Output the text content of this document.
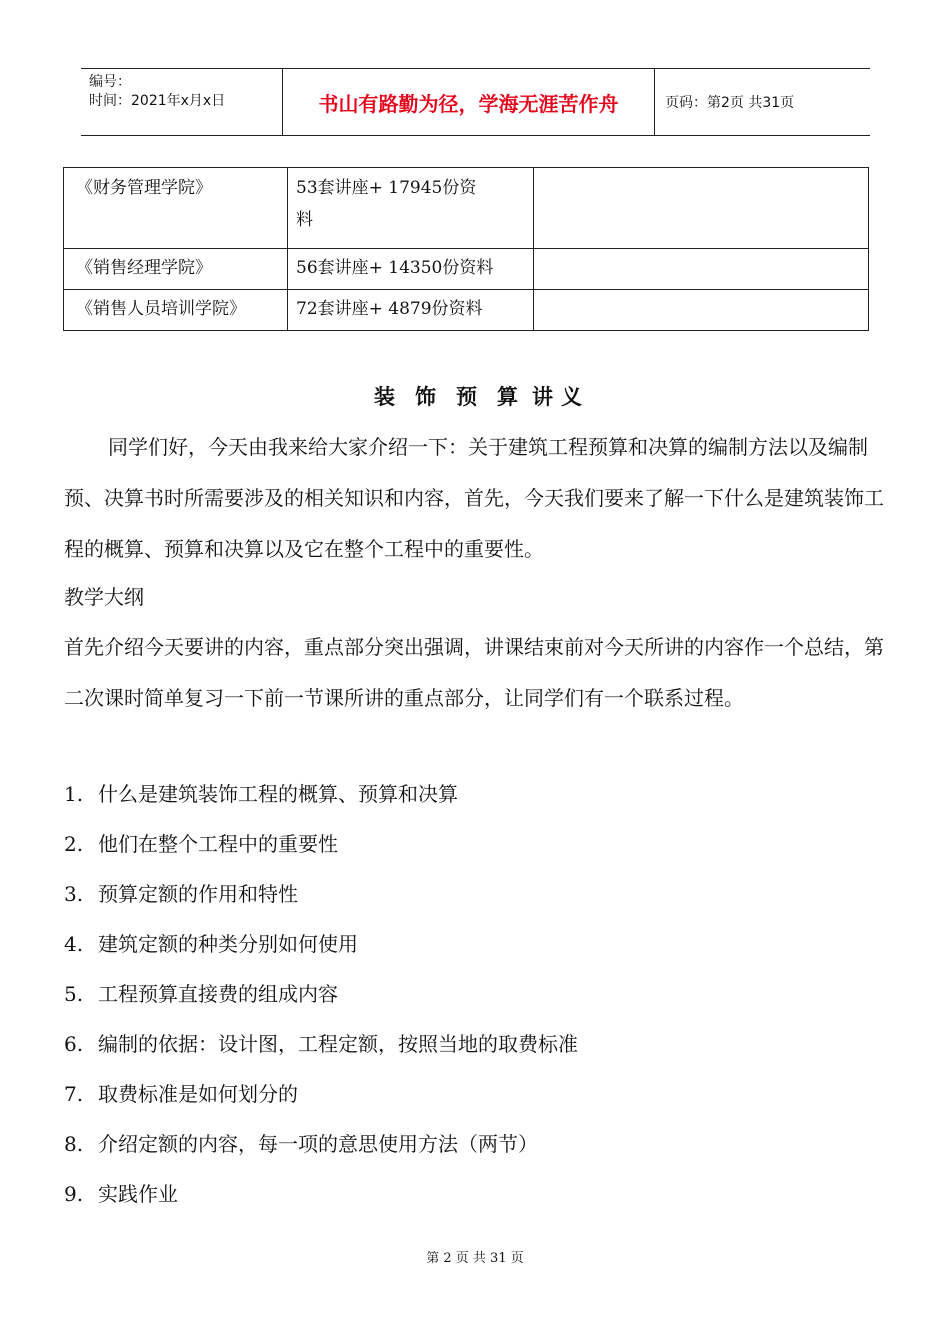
编号：
时间：2021年x月x日	书山有路勤为径，学海无涯苦作舟	页码：第2页 共31页
《财务管理学院》	53套讲座+ 17945份资
料	

《销售经理学院》	56套讲座+ 14350份资料	
《销售人员培训学院》	72套讲座+ 4879份资料	
装 饰 预 算 讲 义
同学们好，今天由我来给大家介绍一下：关于建筑工程预算和决算的编制方法以及编制预、决算书时所需要涉及的相关知识和内容，首先，今天我们要来了解一下什么是建筑装饰工程的概算、预算和决算以及它在整个工程中的重要性。
教学大纲
首先介绍今天要讲的内容，重点部分突出强调，讲课结束前对今天所讲的内容作一个总结，第二次课时简单复习一下前一节课所讲的重点部分，让同学们有一个联系过程。
1. 什么是建筑装饰工程的概算、预算和决算
2. 他们在整个工程中的重要性
3. 预算定额的作用和特性
4. 建筑定额的种类分别如何使用
5. 工程预算直接费的组成内容
6. 编制的依据：设计图，工程定额，按照当地的取费标准
7. 取费标准是如何划分的
8. 介绍定额的内容，每一项的意思使用方法（两节）
9. 实践作业
第 2 页 共 31 页
